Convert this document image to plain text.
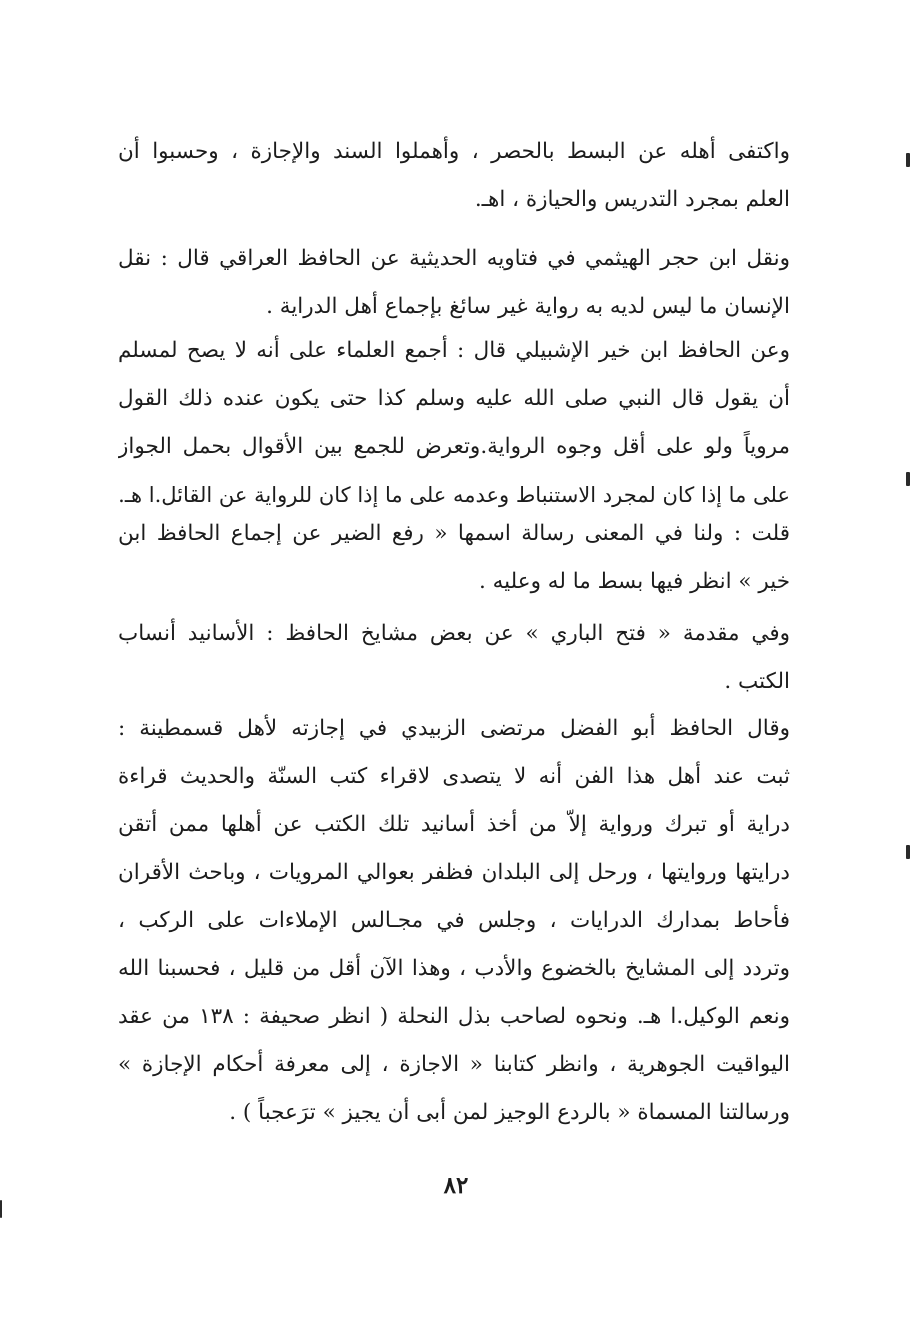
واكتفى أهله عن البسط بالحصر ، وأهملوا السند والإجازة ، وحسبوا أن
العلم بمجرد التدريس والحيازة ، اهـ.

ونقل ابن حجر الهيثمي في فتاويه الحديثية عن الحافظ العراقي قال : نقل
الإنسان ما ليس لديه به رواية غير سائغ بإجماع أهل الدراية .

وعن الحافظ ابن خير الإشبيلي قال : أجمع العلماء على أنه لا يصح لمسلم
أن يقول قال النبي صلى الله عليه وسلم كذا حتى يكون عنده ذلك القول
مروياً ولو على أقل وجوه الرواية.وتعرض للجمع بين الأقوال بحمل الجواز
على ما إذا كان لمجرد الاستنباط وعدمه على ما إذا كان للرواية عن القائل.ا هـ.

قلت : ولنا في المعنى رسالة اسمها « رفع الضير عن إجماع الحافظ ابن
خير » انظر فيها بسط ما له وعليه .

وفي مقدمة « فتح الباري » عن بعض مشايخ الحافظ : الأسانيد أنساب
الكتب .

وقال الحافظ أبو الفضل مرتضى الزبيدي في إجازته لأهل قسمطينة :
ثبت عند أهل هذا الفن أنه لا يتصدى لاقراء كتب السنّة والحديث قراءة
دراية أو تبرك ورواية إلاّ من أخذ أسانيد تلك الكتب عن أهلها ممن أتقن
درايتها وروايتها ، ورحل إلى البلدان فظفر بعوالي المرويات ، وباحث الأقران
فأحاط بمدارك الدرايات ، وجلس في مجـالس الإملاءات على الركب ،
وتردد إلى المشايخ بالخضوع والأدب ، وهذا الآن أقل من قليل ، فحسبنا الله
ونعم الوكيل.ا هـ. ونحوه لصاحب بذل النحلة ( انظر صحيفة : ١٣٨ من عقد
اليواقيت الجوهرية ، وانظر كتابنا « الاجازة ، إلى معرفة أحكام الإجازة »
ورسالتنا المسماة « بالردع الوجيز لمن أبى أن يجيز » ترَعجباً ) .

٨٢
